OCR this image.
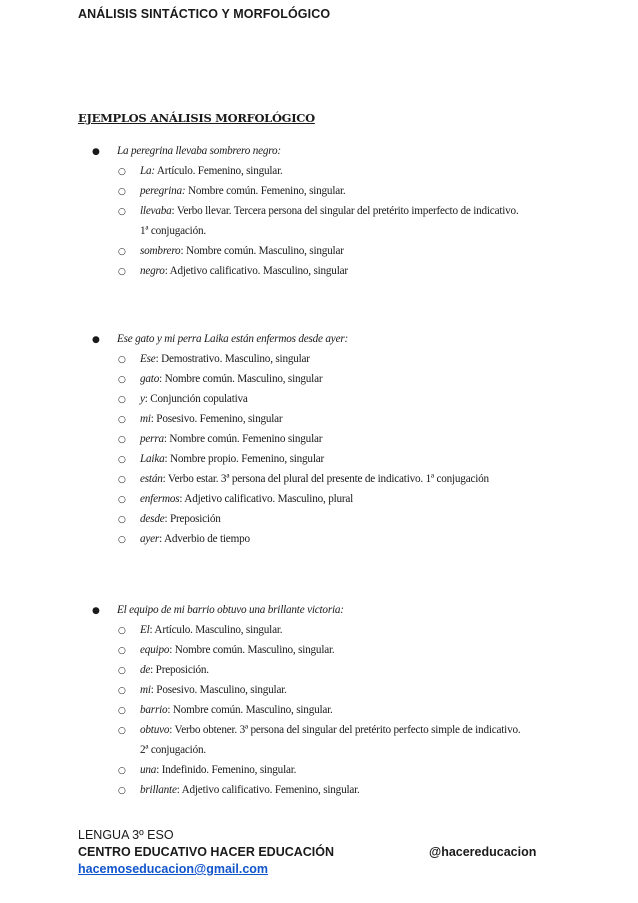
ANÁLISIS SINTÁCTICO Y MORFOLÓGICO
EJEMPLOS ANÁLISIS MORFOLÓGICO
● La peregrina llevaba sombrero negro:
○ La: Artículo. Femenino, singular.
○ peregrina: Nombre común. Femenino, singular.
○ llevaba: Verbo llevar. Tercera persona del singular del pretérito imperfecto de indicativo.
1ª conjugación.
○ sombrero: Nombre común. Masculino, singular
○ negro: Adjetivo calificativo. Masculino, singular
● Ese gato y mi perra Laika están enfermos desde ayer:
○ Ese: Demostrativo. Masculino, singular
○ gato: Nombre común. Masculino, singular
○ y: Conjunción copulativa
○ mi: Posesivo. Femenino, singular
○ perra: Nombre común. Femenino singular
○ Laika: Nombre propio. Femenino, singular
○ están: Verbo estar. 3ª persona del plural del presente de indicativo. 1ª conjugación
○ enfermos: Adjetivo calificativo. Masculino, plural
○ desde: Preposición
○ ayer: Adverbio de tiempo
● El equipo de mi barrio obtuvo una brillante victoria:
○ El: Artículo. Masculino, singular.
○ equipo: Nombre común. Masculino, singular.
○ de: Preposición.
○ mi: Posesivo. Masculino, singular.
○ barrio: Nombre común. Masculino, singular.
○ obtuvo: Verbo obtener. 3ª persona del singular del pretérito perfecto simple de indicativo.
2ª conjugación.
○ una: Indefinido. Femenino, singular.
○ brillante: Adjetivo calificativo. Femenino, singular.
LENGUA 3º ESO
CENTRO EDUCATIVO HACER EDUCACIÓN	@hacereducacion
hacemoseducacion@gmail.com
